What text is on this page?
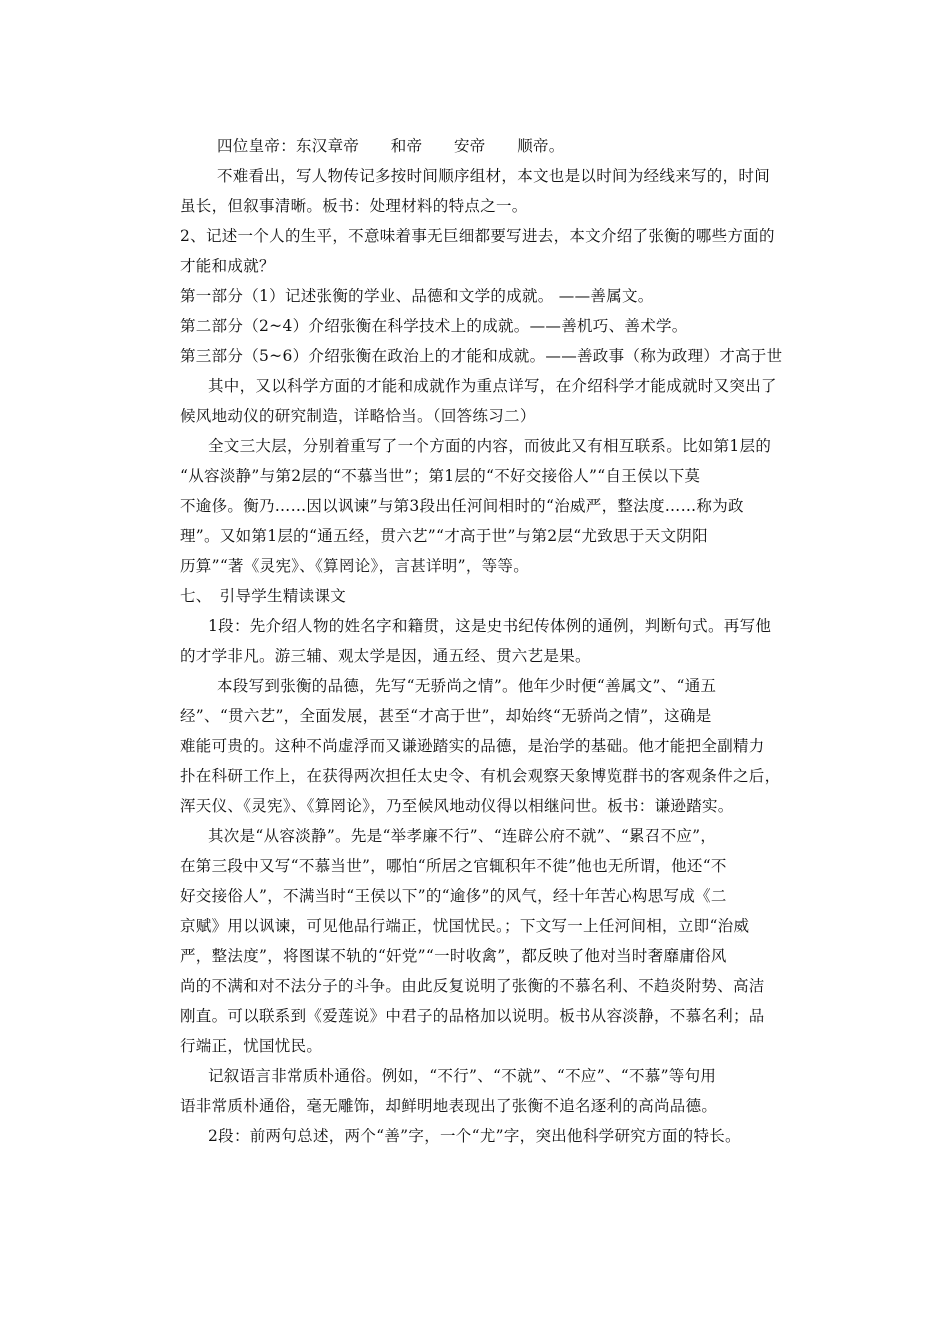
四位皇帝：东汉章帝　　和帝　　安帝　　顺帝。
不难看出，写人物传记多按时间顺序组材，本文也是以时间为经线来写的，时间
虽长，但叙事清晰。板书：处理材料的特点之一。
2、记述一个人的生平，不意味着事无巨细都要写进去，本文介绍了张衡的哪些方面的
才能和成就？
第一部分（1）记述张衡的学业、品德和文学的成就。 ——善属文。
第二部分（2~4）介绍张衡在科学技术上的成就。——善机巧、善术学。
第三部分（5~6）介绍张衡在政治上的才能和成就。——善政事（称为政理）才高于世
其中，又以科学方面的才能和成就作为重点详写，在介绍科学才能成就时又突出了
候风地动仪的研究制造，详略恰当。（回答练习二）
全文三大层，分别着重写了一个方面的内容，而彼此又有相互联系。比如第1层的
“从容淡静”与第2层的“不慕当世”；第1层的“不好交接俗人”“自王侯以下莫
不逾侈。衡乃……因以讽谏”与第3段出任河间相时的“治威严，整法度……称为政
理”。又如第1层的“通五经，贯六艺”“才高于世”与第2层“尤致思于天文阴阳
历算”“著《灵宪》、《算罔论》，言甚详明”，等等。
七、　引导学生精读课文
1段：先介绍人物的姓名字和籍贯，这是史书纪传体例的通例，判断句式。再写他
的才学非凡。游三辅、观太学是因，通五经、贯六艺是果。
本段写到张衡的品德，先写“无骄尚之情”。他年少时便“善属文”、“通五
经”、“贯六艺”，全面发展，甚至“才高于世”，却始终“无骄尚之情”，这确是
难能可贵的。这种不尚虚浮而又谦逊踏实的品德，是治学的基础。他才能把全副精力
扑在科研工作上，在获得两次担任太史令、有机会观察天象博览群书的客观条件之后，
浑天仪、《灵宪》、《算罔论》，乃至候风地动仪得以相继问世。板书：谦逊踏实。
其次是“从容淡静”。先是“举孝廉不行”、“连辟公府不就”、“累召不应”，
在第三段中又写“不慕当世”，哪怕“所居之官辄积年不徙”他也无所谓，他还“不
好交接俗人”，不满当时“王侯以下”的“逾侈”的风气，经十年苦心构思写成《二
京赋》用以讽谏，可见他品行端正，忧国忧民。；下文写一上任河间相，立即“治威
严，整法度”，将图谋不轨的“奸党”“一时收禽”，都反映了他对当时奢靡庸俗风
尚的不满和对不法分子的斗争。由此反复说明了张衡的不慕名利、不趋炎附势、高洁
刚直。可以联系到《爱莲说》中君子的品格加以说明。板书从容淡静，不慕名利；品
行端正，忧国忧民。
记叙语言非常质朴通俗。例如，“不行”、“不就”、“不应”、“不慕”等句用
语非常质朴通俗，毫无雕饰，却鲜明地表现出了张衡不追名逐利的高尚品德。
2段：前两句总述，两个“善”字，一个“尤”字，突出他科学研究方面的特长。
